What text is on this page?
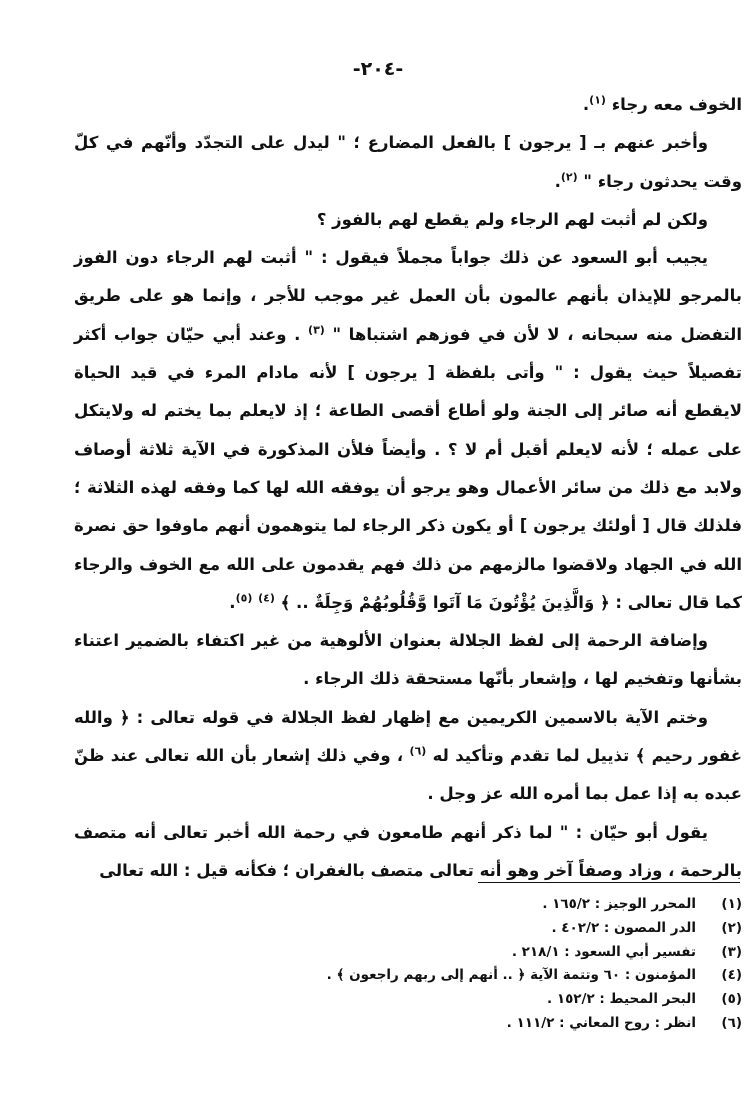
-٢٠٤-

الخوف معه رجاء $^{(١)}$.

وأخبر عنهم بـ [ يرجون ] بالفعل المضارع ؛ " ليدل على التجدّد وأنّهم في كلّ وقت يحدثون رجاء " $^{(٢)}$.

ولكن لم أثبت لهم الرجاء ولم يقطع لهم بالفوز ؟

يجيب أبو السعود عن ذلك جواباً مجملاً فيقول : " أثبت لهم الرجاء دون الفوز بالمرجو للإيذان بأنهم عالمون بأن العمل غير موجب للأجر ، وإنما هو على طريق التفضل منه سبحانه ، لا لأن في فوزهم اشتباها " $^{(٣)}$ . وعند أبي حيّان جواب أكثر تفصيلاً حيث يقول : " وأتى بلفظة [ يرجون ] لأنه مادام المرء في قيد الحياة لايقطع أنه صائر إلى الجنة ولو أطاع أقصى الطاعة ؛ إذ لايعلم بما يختم له ولايتكل على عمله ؛ لأنه لايعلم أقبل أم لا ؟ . وأيضاً فلأن المذكورة في الآية ثلاثة أوصاف ولابد مع ذلك من سائر الأعمال وهو يرجو أن يوفقه الله لها كما وفقه لهذه الثلاثة ؛ فلذلك قال [ أولئك يرجون ] أو يكون ذكر الرجاء لما يتوهمون أنهم ماوفوا حق نصرة الله في الجهاد ولاقضوا مالزمهم من ذلك فهم يقدمون على الله مع الخوف والرجاء كما قال تعالى : ﴿ وَالَّذِينَ يُؤْتُونَ مَا آتَوا وَّقُلُوبُهُمْ وَجِلَةٌ .. ﴾ $^{(٤)}$ $^{(٥)}$.

وإضافة الرحمة إلى لفظ الجلالة بعنوان الألوهية من غير اكتفاء بالضمير اعتناء بشأنها وتفخيم لها ، وإشعار بأنّها مستحقة ذلك الرجاء .

وختم الآية بالاسمين الكريمين مع إظهار لفظ الجلالة في قوله تعالى : ﴿ والله غفور رحيم ﴾ تذييل لما تقدم وتأكيد له $^{(٦)}$ ، وفي ذلك إشعار بأن الله تعالى عند ظنّ عبده به إذا عمل بما أمره الله عز وجل .

يقول أبو حيّان : " لما ذكر أنهم طامعون في رحمة الله أخبر تعالى أنه متصف بالرحمة ، وزاد وصفاً آخر وهو أنه تعالى متصف بالغفران ؛ فكأنه قيل : الله تعالى

(١)
المحرر الوجيز : ١٦٥/٢ .
(٢)
الدر المصون : ٤٠٢/٢ .
(٣)
تفسير أبي السعود : ٢١٨/١ .
(٤)
المؤمنون : ٦٠ وتتمة الآية ﴿ .. أنهم إلى ربهم راجعون ﴾ .
(٥)
البحر المحيط : ١٥٢/٢ .
(٦)
انظر : روح المعاني : ١١١/٢ .
